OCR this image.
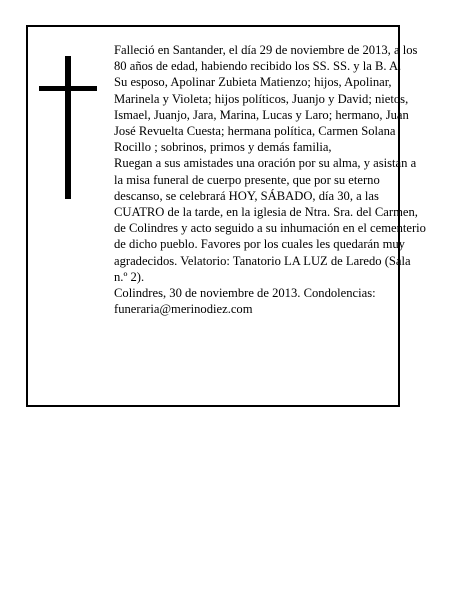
Falleció en Santander, el día 29 de noviembre de 2013, a los 80 años de edad, habiendo recibido los SS. SS. y la B. A.

Su esposo, Apolinar Zubieta Matienzo; hijos, Apolinar, Marinela y Violeta; hijos políticos, Juanjo y David; nietos, Ismael, Juanjo, Jara, Marina, Lucas y Laro; hermano, Juan José Revuelta Cuesta; hermana política, Carmen Solana Rocillo ; sobrinos, primos y demás familia,

Ruegan a sus amistades una oración por su alma, y asistan a la misa funeral de cuerpo presente, que por su eterno descanso, se celebrará HOY, SÁBADO, día 30, a las CUATRO de la tarde, en la iglesia de Ntra. Sra. del Carmen, de Colindres y acto seguido a su inhumación en el cementerio de dicho pueblo. Favores por los cuales les quedarán muy agradecidos. Velatorio: Tanatorio LA LUZ de Laredo (Sala n.º 2).

Colindres, 30 de noviembre de 2013. Condolencias: funeraria@merinodiez.com
